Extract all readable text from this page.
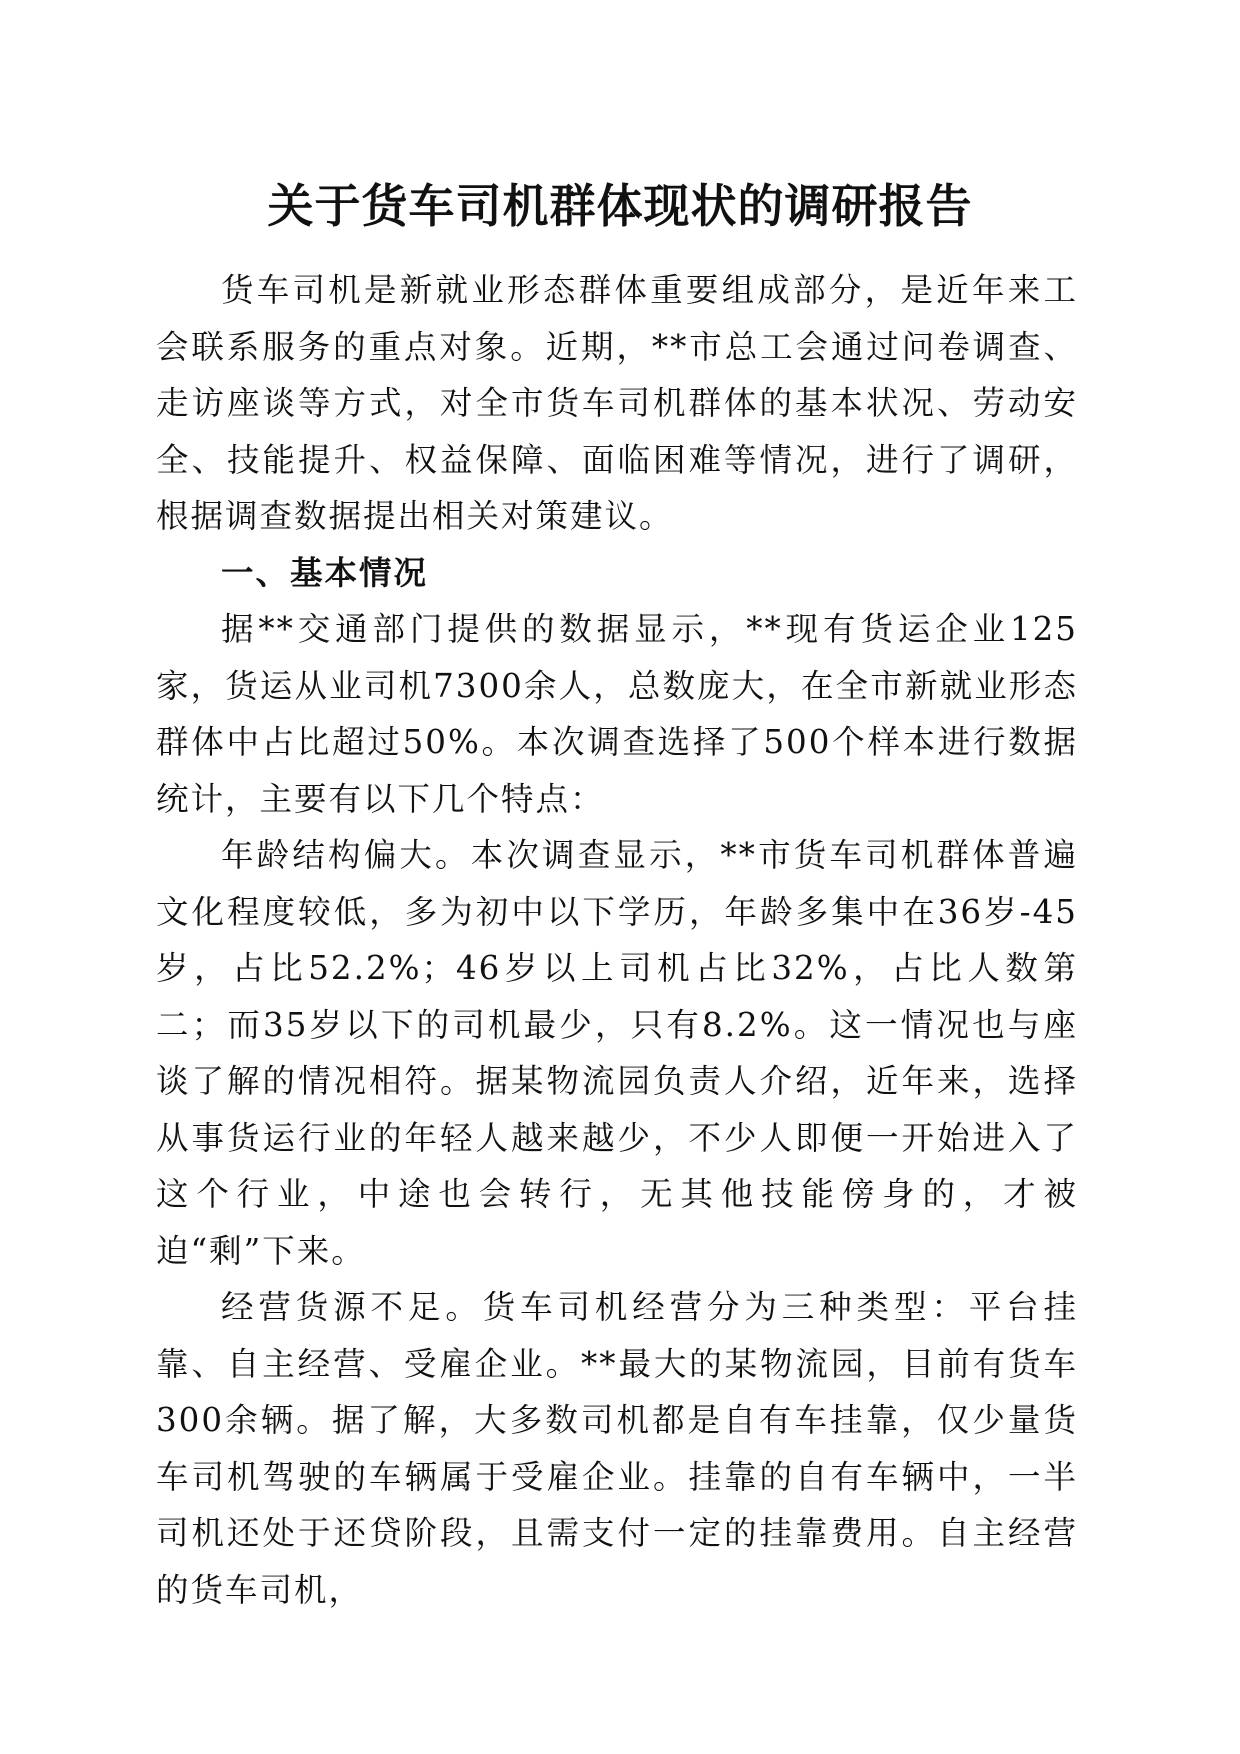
关于货车司机群体现状的调研报告

货车司机是新就业形态群体重要组成部分，是近年来工会联系服务的重点对象。近期，**市总工会通过问卷调查、走访座谈等方式，对全市货车司机群体的基本状况、劳动安全、技能提升、权益保障、面临困难等情况，进行了调研，根据调查数据提出相关对策建议。

一、基本情况

据**交通部门提供的数据显示，**现有货运企业125家，货运从业司机7300余人，总数庞大，在全市新就业形态群体中占比超过50%。本次调查选择了500个样本进行数据统计，主要有以下几个特点：

年龄结构偏大。本次调查显示，**市货车司机群体普遍文化程度较低，多为初中以下学历，年龄多集中在36岁-45岁，占比52.2%；46岁以上司机占比32%，占比人数第二；而35岁以下的司机最少，只有8.2%。这一情况也与座谈了解的情况相符。据某物流园负责人介绍，近年来，选择从事货运行业的年轻人越来越少，不少人即便一开始进入了这个行业，中途也会转行，无其他技能傍身的，才被迫“剩”下来。

经营货源不足。货车司机经营分为三种类型：平台挂靠、自主经营、受雇企业。**最大的某物流园，目前有货车300余辆。据了解，大多数司机都是自有车挂靠，仅少量货车司机驾驶的车辆属于受雇企业。挂靠的自有车辆中，一半司机还处于还贷阶段，且需支付一定的挂靠费用。自主经营的货车司机，
